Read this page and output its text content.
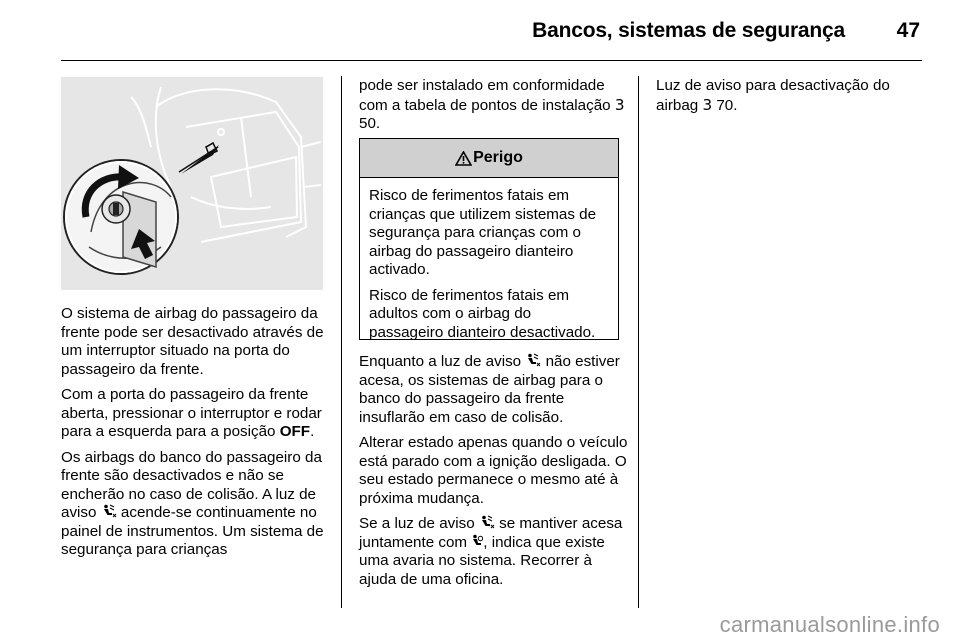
Bancos, sistemas de segurança	47

O sistema de airbag do passageiro da frente pode ser desactivado através de um interruptor situado na porta do passageiro da frente.

Com a porta do passageiro da frente aberta, pressionar o interruptor e rodar para a esquerda para a posição OFF.

Os airbags do banco do passageiro da frente são desactivados e não se encherão no caso de colisão. A luz de aviso  acende-se continuamente no painel de instrumentos. Um sistema de segurança para crianças

pode ser instalado em conformidade com a tabela de pontos de instalação 3 50.

Perigo

Risco de ferimentos fatais em crianças que utilizem sistemas de segurança para crianças com o airbag do passageiro dianteiro activado.

Risco de ferimentos fatais em adultos com o airbag do passageiro dianteiro desactivado.

Enquanto a luz de aviso  não estiver acesa, os sistemas de airbag para o banco do passageiro da frente insuflarão em caso de colisão.

Alterar estado apenas quando o veículo está parado com a ignição desligada. O seu estado permanece o mesmo até à próxima mudança.

Se a luz de aviso  se mantiver acesa juntamente com , indica que existe uma avaria no sistema. Recorrer à ajuda de uma oficina.

Luz de aviso para desactivação do airbag 3 70.

carmanualsonline.info
